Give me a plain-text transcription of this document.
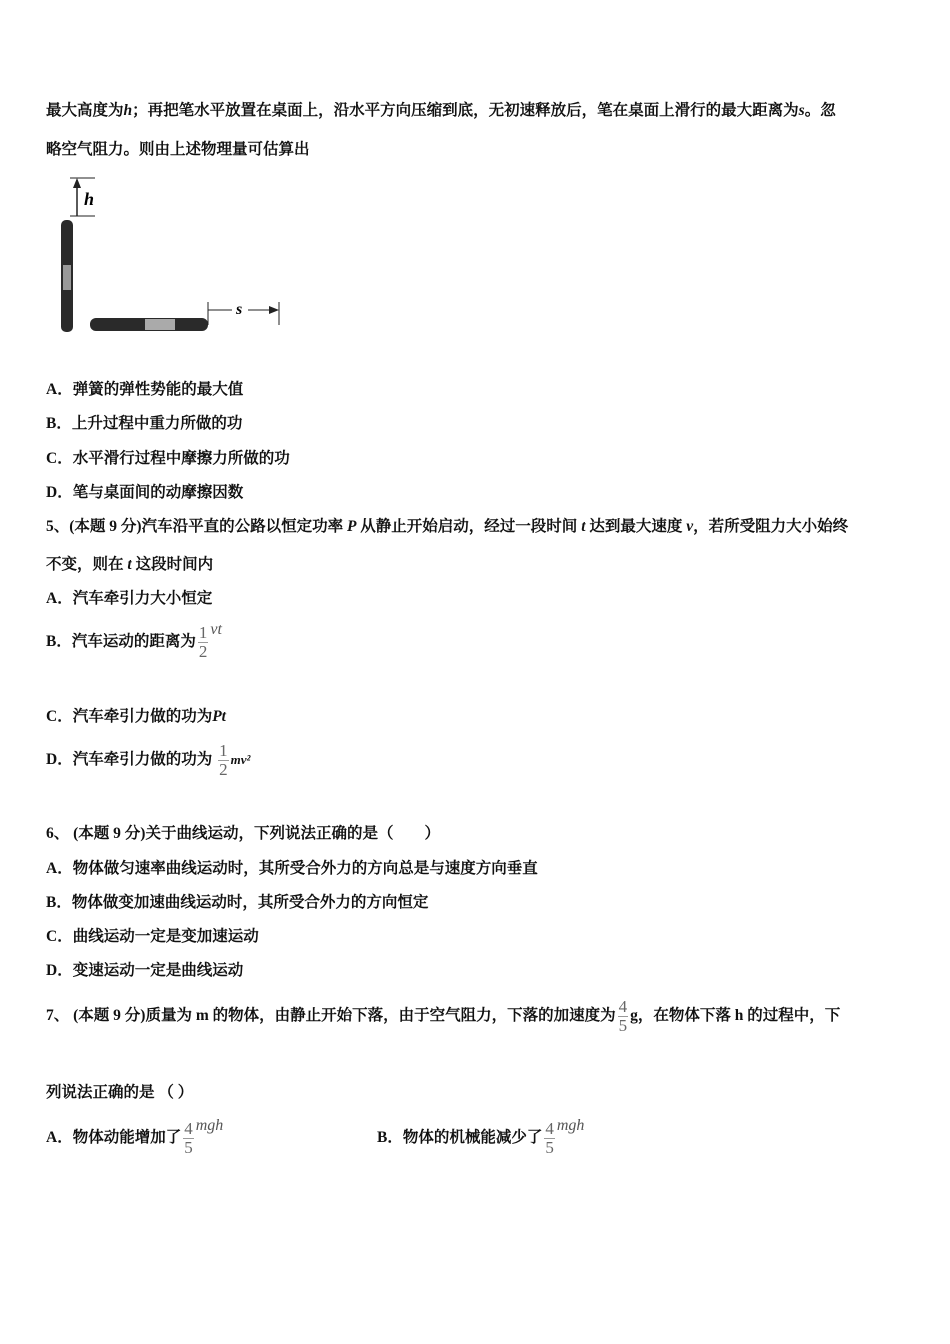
最大高度为h；再把笔水平放置在桌面上，沿水平方向压缩到底，无初速释放后，笔在桌面上滑行的最大距离为s。忽
略空气阻力。则由上述物理量可估算出
h
s
A．弹簧的弹性势能的最大值
B．上升过程中重力所做的功
C．水平滑行过程中摩擦力所做的功
D．笔与桌面间的动摩擦因数
5、(本题 9 分)汽车沿平直的公路以恒定功率 P 从静止开始启动，经过一段时间 t 达到最大速度 v，若所受阻力大小始终
不变，则在 t 这段时间内
A．汽车牵引力大小恒定
B．汽车运动的距离为 $\frac{1}{2}$ vt
C．汽车牵引力做的功为Pt
D．汽车牵引力做的功为 $\frac{1}{2} mv^2$
6、 (本题 9 分)关于曲线运动，下列说法正确的是（　　）
A．物体做匀速率曲线运动时，其所受合外力的方向总是与速度方向垂直
B．物体做变加速曲线运动时，其所受合外力的方向恒定
C．曲线运动一定是变加速运动
D．变速运动一定是曲线运动
7、 (本题 9 分)质量为 m 的物体，由静止开始下落，由于空气阻力，下落的加速度为 $\frac{4}{5}$ g，在物体下落 h 的过程中，下
列说法正确的是 （ ）
A．物体动能增加了 $\frac{4}{5}$ mgh
B．物体的机械能减少了 $\frac{4}{5}$ mgh
